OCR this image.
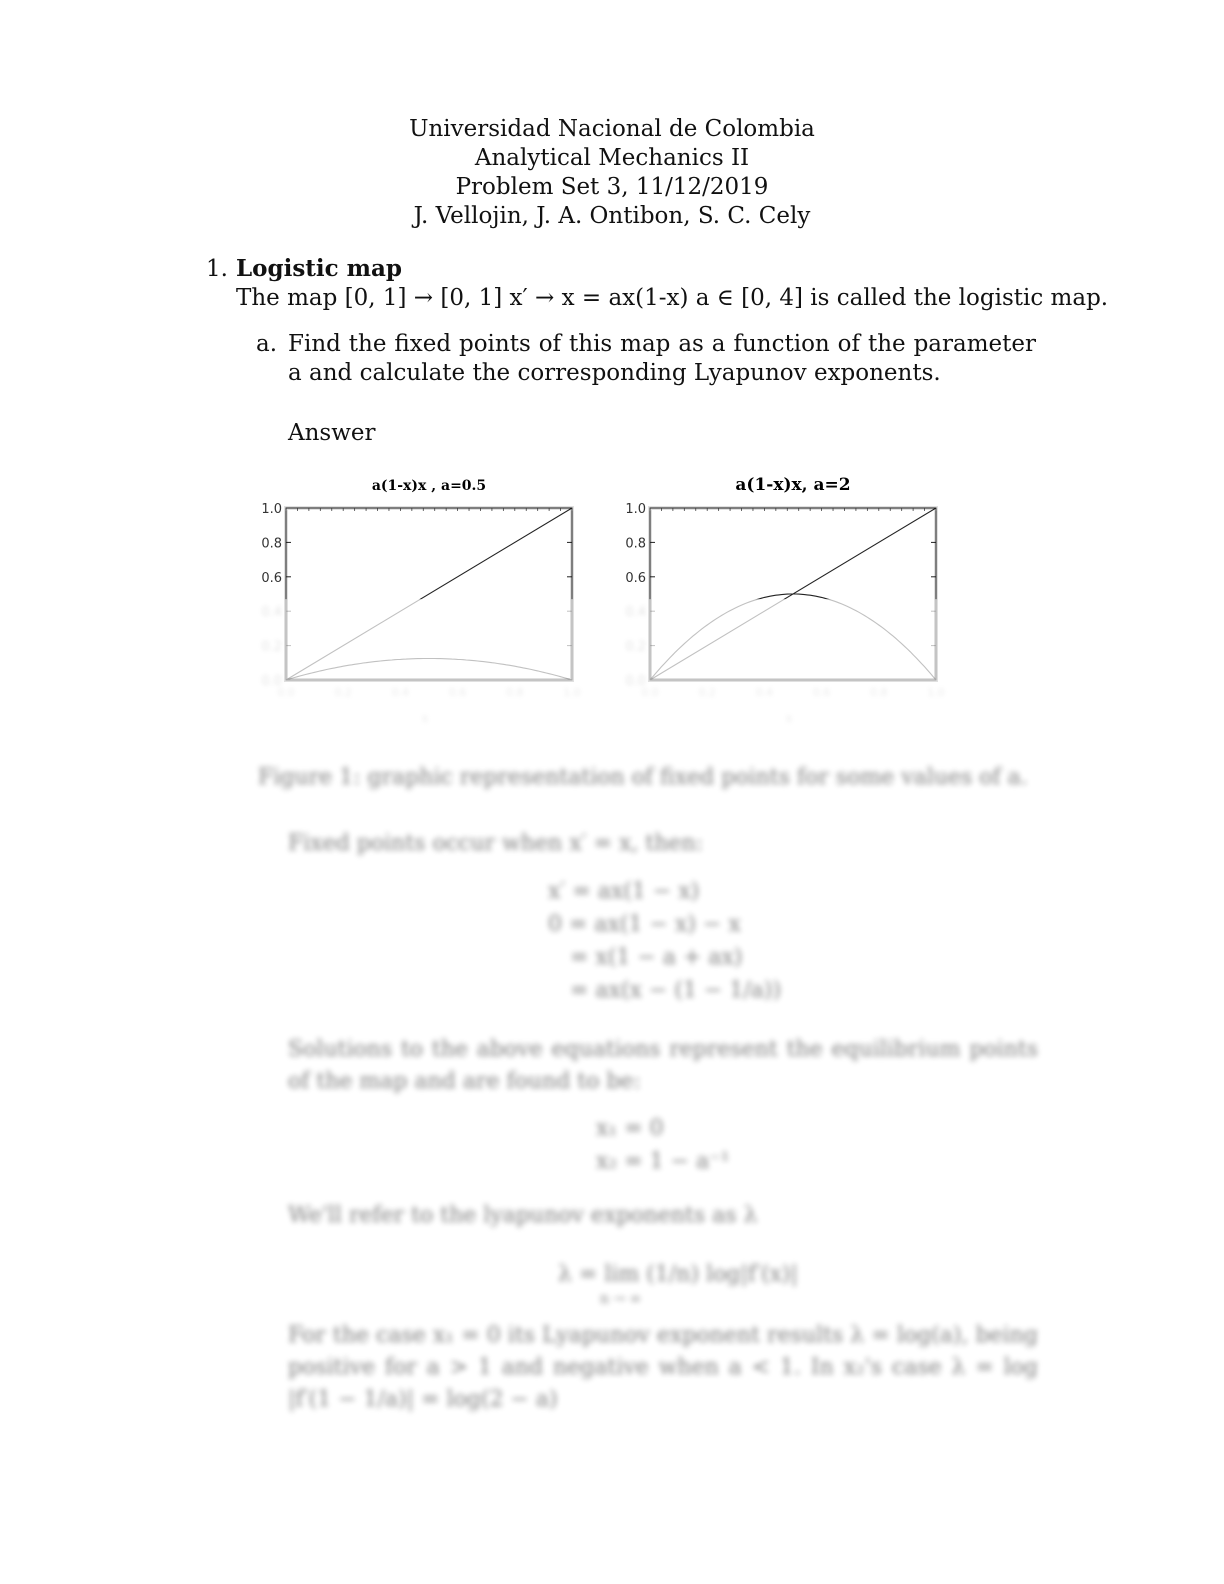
Universidad Nacional de Colombia
Analytical Mechanics II
Problem Set 3, 11/12/2019
J. Vellojin, J. A. Ontibon, S. C. Cely
1. Logistic map
The map [0, 1] → [0, 1] x′ → x = ax(1-x) a ∈ [0, 4] is called the logistic map.
a. Find the fixed points of this map as a function of the parameter a and calculate the corresponding Lyapunov exponents.
Answer
a(1-x)x , a=0.5
1.0
0.8
0.6
a(1-x)x, a=2
1.0
0.8
0.6
Figure 1: graphic representation of fixed points for some values of a.
Fixed points occur when x′ = x, then:
x′ = ax(1 − x)
0 = ax(1 − x) − x
= x(1 − a + ax)
= ax(x − (1 − 1/a))
Solutions to the above equations represent the equilibrium points of the map and are found to be:
x₁ = 0
x₂ = 1 − a⁻¹
We'll refer to the lyapunov exponents as λ
λ = lim (1/n) log|f′(x)|
n → ∞
For the case x₁ = 0 its Lyapunov exponent results λ = log(a), being positive for a > 1 and negative when a < 1. In x₂'s case λ = log |f′(1 − 1/a)| = log(2 − a)
